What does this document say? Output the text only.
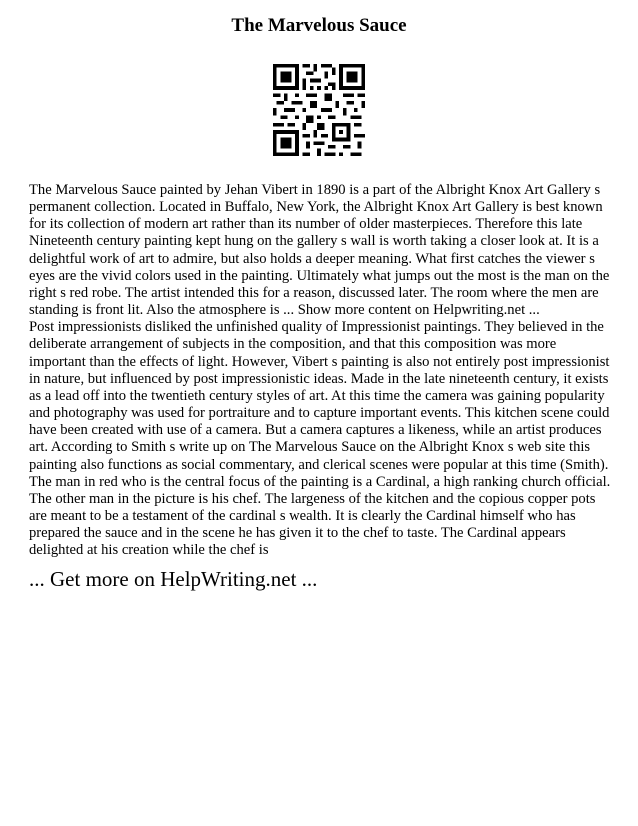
The Marvelous Sauce

The Marvelous Sauce painted by Jehan Vibert in 1890 is a part of the Albright Knox Art Gallery s permanent collection. Located in Buffalo, New York, the Albright Knox Art Gallery is best known for its collection of modern art rather than its number of older masterpieces. Therefore this late Nineteenth century painting kept hung on the gallery s wall is worth taking a closer look at. It is a delightful work of art to admire, but also holds a deeper meaning. What first catches the viewer s eyes are the vivid colors used in the painting. Ultimately what jumps out the most is the man on the right s red robe. The artist intended this for a reason, discussed later. The room where the men are standing is front lit. Also the atmosphere is ... Show more content on Helpwriting.net ...

Post impressionists disliked the unfinished quality of Impressionist paintings. They believed in the deliberate arrangement of subjects in the composition, and that this composition was more important than the effects of light. However, Vibert s painting is also not entirely post impressionist in nature, but influenced by post impressionistic ideas. Made in the late nineteenth century, it exists as a lead off into the twentieth century styles of art. At this time the camera was gaining popularity and photography was used for portraiture and to capture important events. This kitchen scene could have been created with use of a camera. But a camera captures a likeness, while an artist produces art. According to Smith s write up on The Marvelous Sauce on the Albright Knox s web site this painting also functions as social commentary, and clerical scenes were popular at this time (Smith). The man in red who is the central focus of the painting is a Cardinal, a high ranking church official. The other man in the picture is his chef. The largeness of the kitchen and the copious copper pots are meant to be a testament of the cardinal s wealth. It is clearly the Cardinal himself who has prepared the sauce and in the scene he has given it to the chef to taste. The Cardinal appears delighted at his creation while the chef is

... Get more on HelpWriting.net ...
